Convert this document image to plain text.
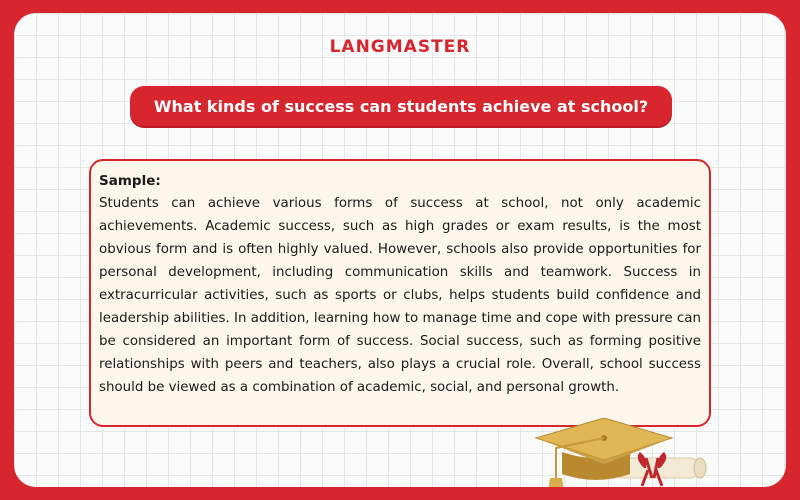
LANGMASTER
What kinds of success can students achieve at school?
Sample:

Students can achieve various forms of success at school, not only academic achievements. Academic success, such as high grades or exam results, is the most obvious form and is often highly valued. However, schools also provide opportunities for personal development, including communication skills and teamwork. Success in extracurricular activities, such as sports or clubs, helps students build confidence and leadership abilities. In addition, learning how to manage time and cope with pressure can be considered an important form of success. Social success, such as forming positive relationships with peers and teachers, also plays a crucial role. Overall, school success should be viewed as a combination of academic, social, and personal growth.
